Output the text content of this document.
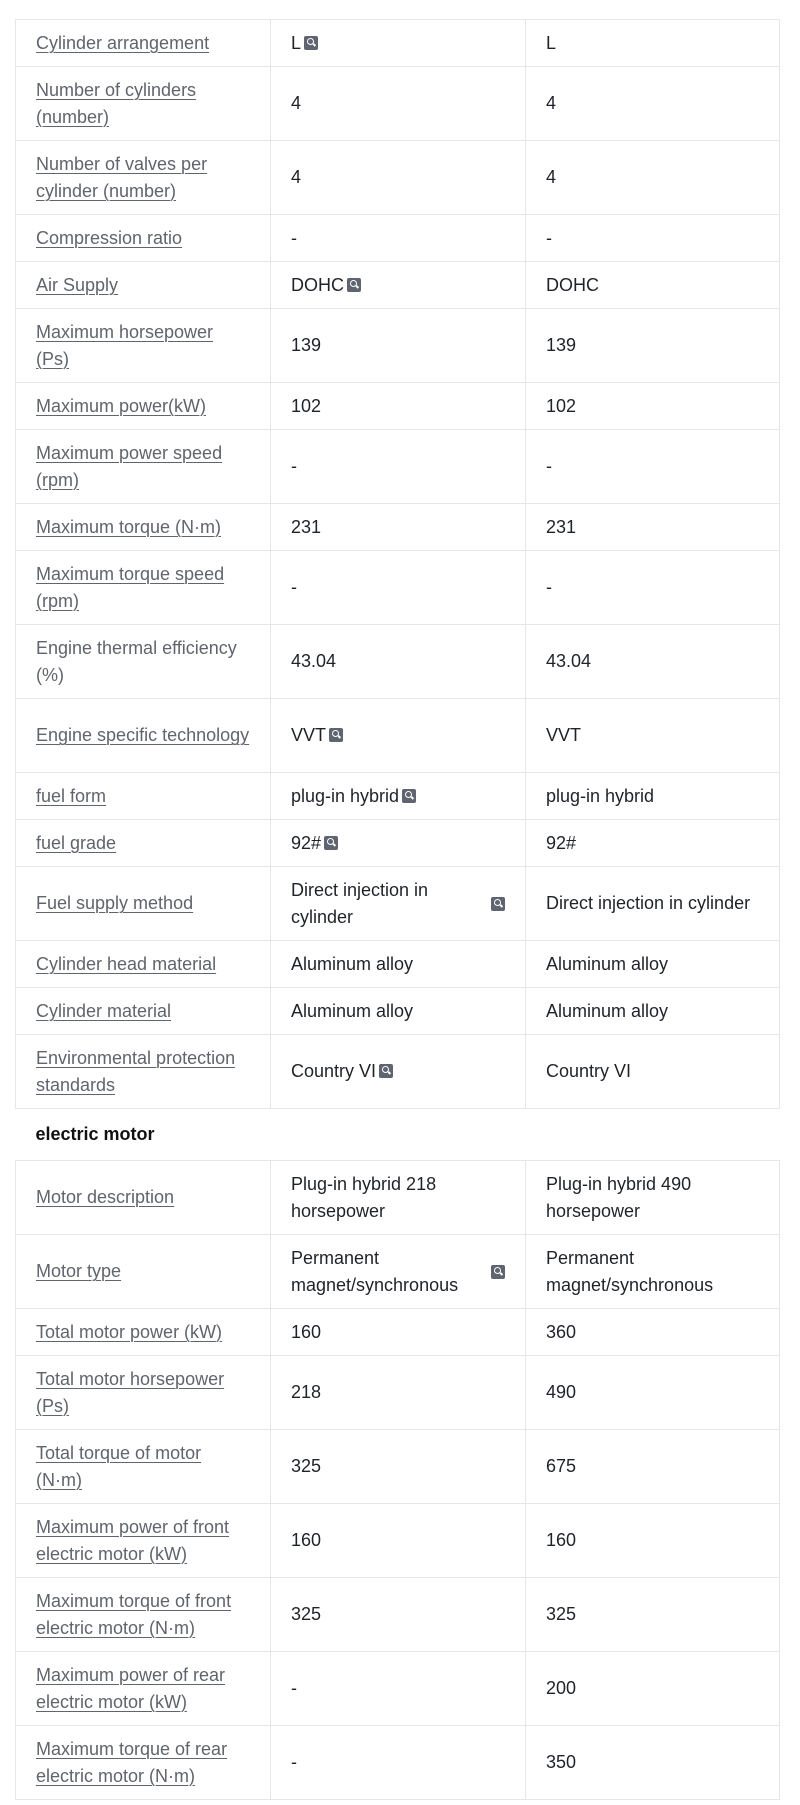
Cylinder arrangement	L	L
Number of cylinders (number)	4	4
Number of valves per cylinder (number)	4	4
Compression ratio	-	-
Air Supply	DOHC	DOHC
Maximum horsepower (Ps)	139	139
Maximum power(kW)	102	102
Maximum power speed (rpm)	-	-
Maximum torque (N·m)	231	231
Maximum torque speed (rpm)	-	-
Engine thermal efficiency (%)	43.04	43.04
Engine specific technology	VVT	VVT
fuel form	plug-in hybrid	plug-in hybrid
fuel grade	92#	92#
Fuel supply method	Direct injection in cylinder	Direct injection in cylinder
Cylinder head material	Aluminum alloy	Aluminum alloy
Cylinder material	Aluminum alloy	Aluminum alloy
Environmental protection standards	Country VI	Country VI
electric motor		
Motor description	Plug-in hybrid 218 horsepower	Plug-in hybrid 490 horsepower
Motor type	Permanent magnet/synchronous	Permanent magnet/synchronous
Total motor power (kW)	160	360
Total motor horsepower (Ps)	218	490
Total torque of motor (N·m)	325	675
Maximum power of front electric motor (kW)	160	160
Maximum torque of front electric motor (N·m)	325	325
Maximum power of rear electric motor (kW)	-	200
Maximum torque of rear electric motor (N·m)	-	350
